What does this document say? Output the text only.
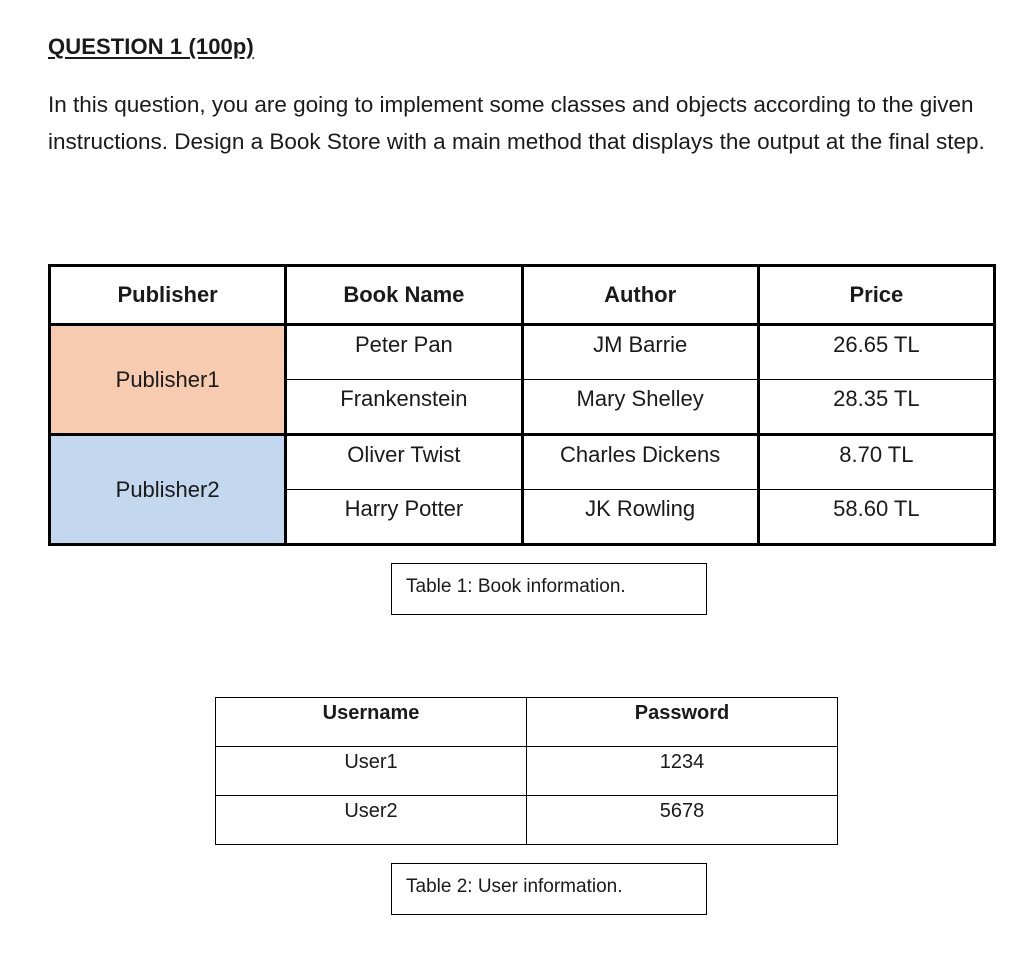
QUESTION 1 (100p)
In this question, you are going to implement some classes and objects according to the given instructions. Design a Book Store with a main method that displays the output at the final step.
Publisher	Book Name	Author	Price
Publisher1	Peter Pan	JM Barrie	26.65 TL
	Frankenstein	Mary Shelley	28.35 TL
Publisher2	Oliver Twist	Charles Dickens	8.70 TL
	Harry Potter	JK Rowling	58.60 TL
Table 1: Book information.
Username	Password
User1	1234
User2	5678
Table 2: User information.
